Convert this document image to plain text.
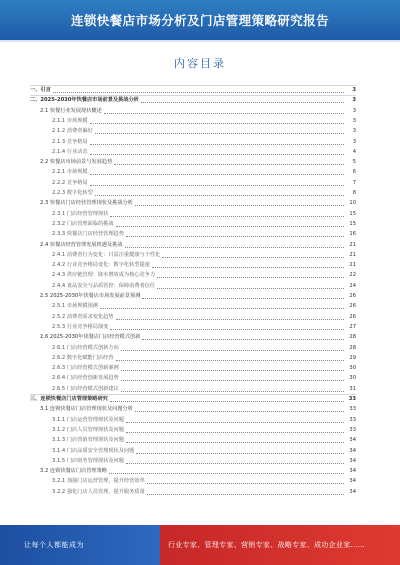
连锁快餐店市场分析及门店管理策略研究报告
内容目录
一、引言	3
二、2025-2030年快餐店市场前景及挑战分析	3
2.1 快餐行业发展现状概述	3
2.1.1 市场规模	3
2.1.2 消费者偏好	3
2.1.3 竞争格局	3
2.1.4 行业动态	4
2.2 快餐店市场前景与发展趋势	5
2.2.1 市场规模	6
2.2.2 竞争格局	7
2.2.3 数字化转型	8
2.3 快餐店门店经营管理现状及挑战分析	10
2.3.1 门店经营管理现状	15
2.3.2 门店管理面临的挑战	15
2.3.3 快餐店门店经营管理趋势	16
2.4 快餐店经营管理发展机遇及挑战	21
2.4.1 消费者行为变化：日益注重健康与个性化	21
2.4.2 行业竞争格局变化：数字化转型提速	21
2.4.3 供应链管理：降本增效成为核心竞争力	22
2.4.4 食品安全与品质管控：保障消费者信任	24
2.5 2025-2030年快餐店市场发展前景预测	26
2.5.1 市场规模预测	26
2.5.2 消费者需求变化趋势	26
2.5.3 行业竞争格局演变	27
2.6 2025-2030年快餐店门店经营模式创新	28
2.6.1 门店经营模式创新方向	28
2.6.2 数字化赋能门店经营	29
2.6.3 门店经营模式创新案例	30
2.6.4 门店经营创新发展趋势	30
2.6.5 门店经营模式创新建议	31
三、连锁快餐店门店管理策略研究	33
3.1 连锁快餐店门店管理现状及问题分析	33
3.1.1 门店运营管理现状及问题	33
3.1.2 门店人员管理现状及问题	33
3.1.3 门店营销管理现状及问题	34
3.1.4 门店品质安全管理现状及问题	34
3.1.5 门店财务管理现状及问题	34
3.2 连锁快餐店门店管理策略	34
3.2.1 加强门店运营管理，提升经营效率	34
3.2.2 强化门店人员管理，提升服务质量	34
让每个人都能成为	行业专家、管理专家、营销专家、战略专家、成功企业家……
